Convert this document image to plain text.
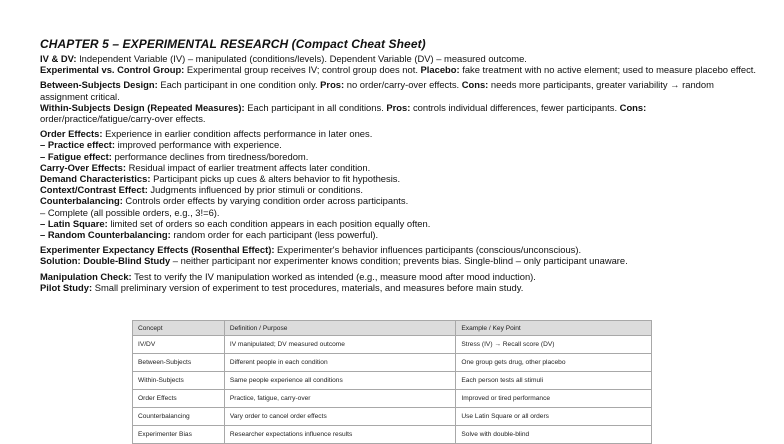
CHAPTER 5 – EXPERIMENTAL RESEARCH (Compact Cheat Sheet)

IV & DV: Independent Variable (IV) – manipulated (conditions/levels). Dependent Variable (DV) – measured outcome.

Experimental vs. Control Group: Experimental group receives IV; control group does not. Placebo: fake treatment with no active element; used to measure placebo effect.

Between-Subjects Design: Each participant in one condition only. Pros: no order/carry-over effects. Cons: needs more participants, greater variability → random assignment critical.

Within-Subjects Design (Repeated Measures): Each participant in all conditions. Pros: controls individual differences, fewer participants. Cons: order/practice/fatigue/carry-over effects.

Order Effects: Experience in earlier condition affects performance in later ones.

– Practice effect: improved performance with experience.

– Fatigue effect: performance declines from tiredness/boredom.

Carry-Over Effects: Residual impact of earlier treatment affects later condition.

Demand Characteristics: Participant picks up cues & alters behavior to fit hypothesis.

Context/Contrast Effect: Judgments influenced by prior stimuli or conditions.

Counterbalancing: Controls order effects by varying condition order across participants.

– Complete (all possible orders, e.g., 3!=6).

– Latin Square: limited set of orders so each condition appears in each position equally often.

– Random Counterbalancing: random order for each participant (less powerful).

Experimenter Expectancy Effects (Rosenthal Effect): Experimenter's behavior influences participants (conscious/unconscious).

Solution: Double-Blind Study – neither participant nor experimenter knows condition; prevents bias. Single-blind – only participant unaware.

Manipulation Check: Test to verify the IV manipulation worked as intended (e.g., measure mood after mood induction).

Pilot Study: Small preliminary version of experiment to test procedures, materials, and measures before main study.

Concept	Definition / Purpose	Example / Key Point
IV/DV	IV manipulated; DV measured outcome	Stress (IV) → Recall score (DV)
Between-Subjects	Different people in each condition	One group gets drug, other placebo
Within-Subjects	Same people experience all conditions	Each person tests all stimuli
Order Effects	Practice, fatigue, carry-over	Improved or tired performance
Counterbalancing	Vary order to cancel order effects	Use Latin Square or all orders
Experimenter Bias	Researcher expectations influence results	Solve with double-blind
